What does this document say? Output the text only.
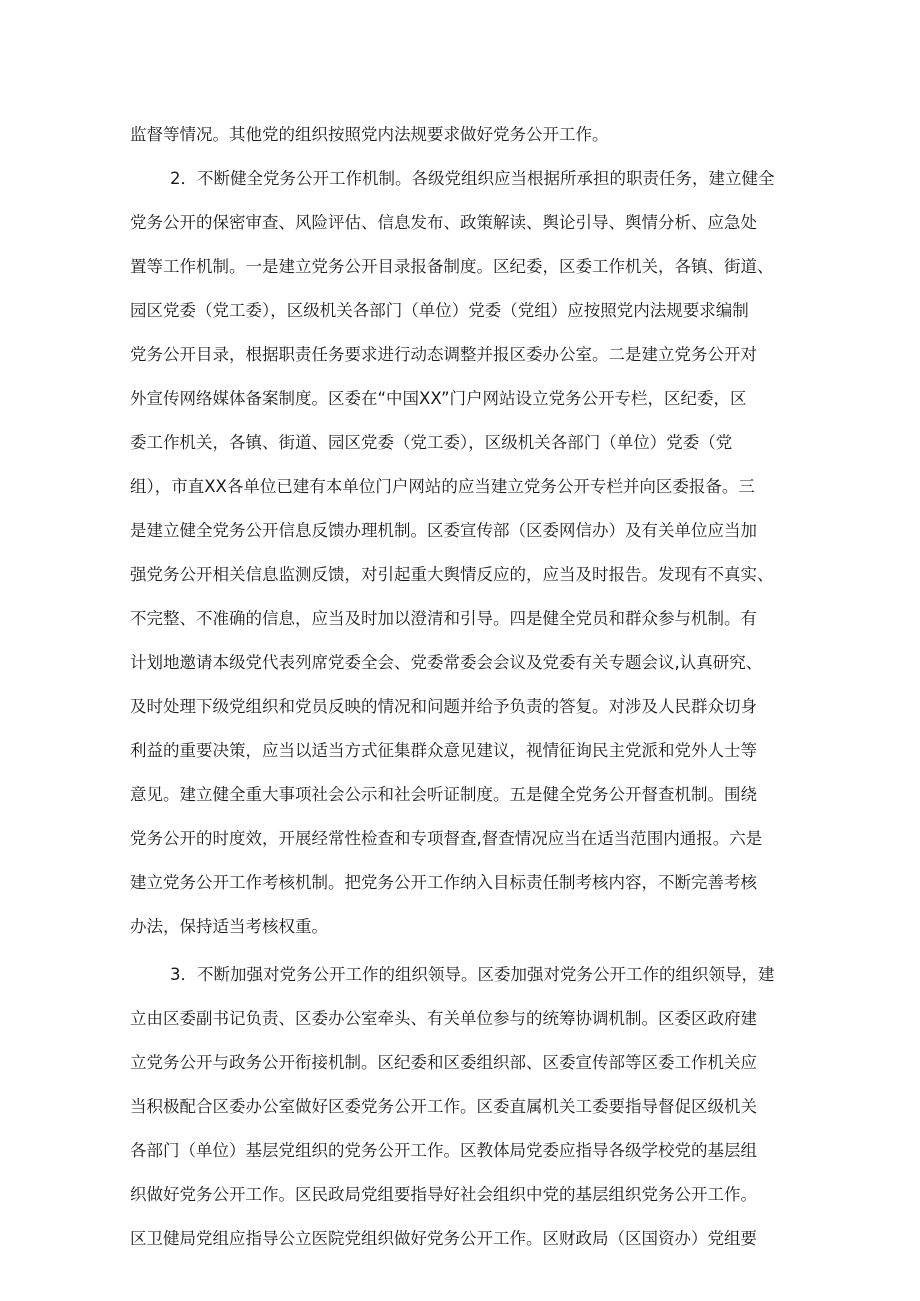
监督等情况。其他党的组织按照党内法规要求做好党务公开工作。
2．不断健全党务公开工作机制。各级党组织应当根据所承担的职责任务，建立健全
党务公开的保密审查、风险评估、信息发布、政策解读、舆论引导、舆情分析、应急处
置等工作机制。一是建立党务公开目录报备制度。区纪委，区委工作机关，各镇、街道、
园区党委（党工委），区级机关各部门（单位）党委（党组）应按照党内法规要求编制
党务公开目录，根据职责任务要求进行动态调整并报区委办公室。二是建立党务公开对
外宣传网络媒体备案制度。区委在“中国XX”门户网站设立党务公开专栏，区纪委，区
委工作机关，各镇、街道、园区党委（党工委），区级机关各部门（单位）党委（党
组），市直XX各单位已建有本单位门户网站的应当建立党务公开专栏并向区委报备。三
是建立健全党务公开信息反馈办理机制。区委宣传部（区委网信办）及有关单位应当加
强党务公开相关信息监测反馈，对引起重大舆情反应的，应当及时报告。发现有不真实、
不完整、不准确的信息，应当及时加以澄清和引导。四是健全党员和群众参与机制。有
计划地邀请本级党代表列席党委全会、党委常委会会议及党委有关专题会议,认真研究、
及时处理下级党组织和党员反映的情况和问题并给予负责的答复。对涉及人民群众切身
利益的重要决策，应当以适当方式征集群众意见建议，视情征询民主党派和党外人士等
意见。建立健全重大事项社会公示和社会听证制度。五是健全党务公开督查机制。围绕
党务公开的时度效，开展经常性检查和专项督查,督查情况应当在适当范围内通报。六是
建立党务公开工作考核机制。把党务公开工作纳入目标责任制考核内容，不断完善考核
办法，保持适当考核权重。
3．不断加强对党务公开工作的组织领导。区委加强对党务公开工作的组织领导，建
立由区委副书记负责、区委办公室牵头、有关单位参与的统筹协调机制。区委区政府建
立党务公开与政务公开衔接机制。区纪委和区委组织部、区委宣传部等区委工作机关应
当积极配合区委办公室做好区委党务公开工作。区委直属机关工委要指导督促区级机关
各部门（单位）基层党组织的党务公开工作。区教体局党委应指导各级学校党的基层组
织做好党务公开工作。区民政局党组要指导好社会组织中党的基层组织党务公开工作。
区卫健局党组应指导公立医院党组织做好党务公开工作。区财政局（区国资办）党组要
